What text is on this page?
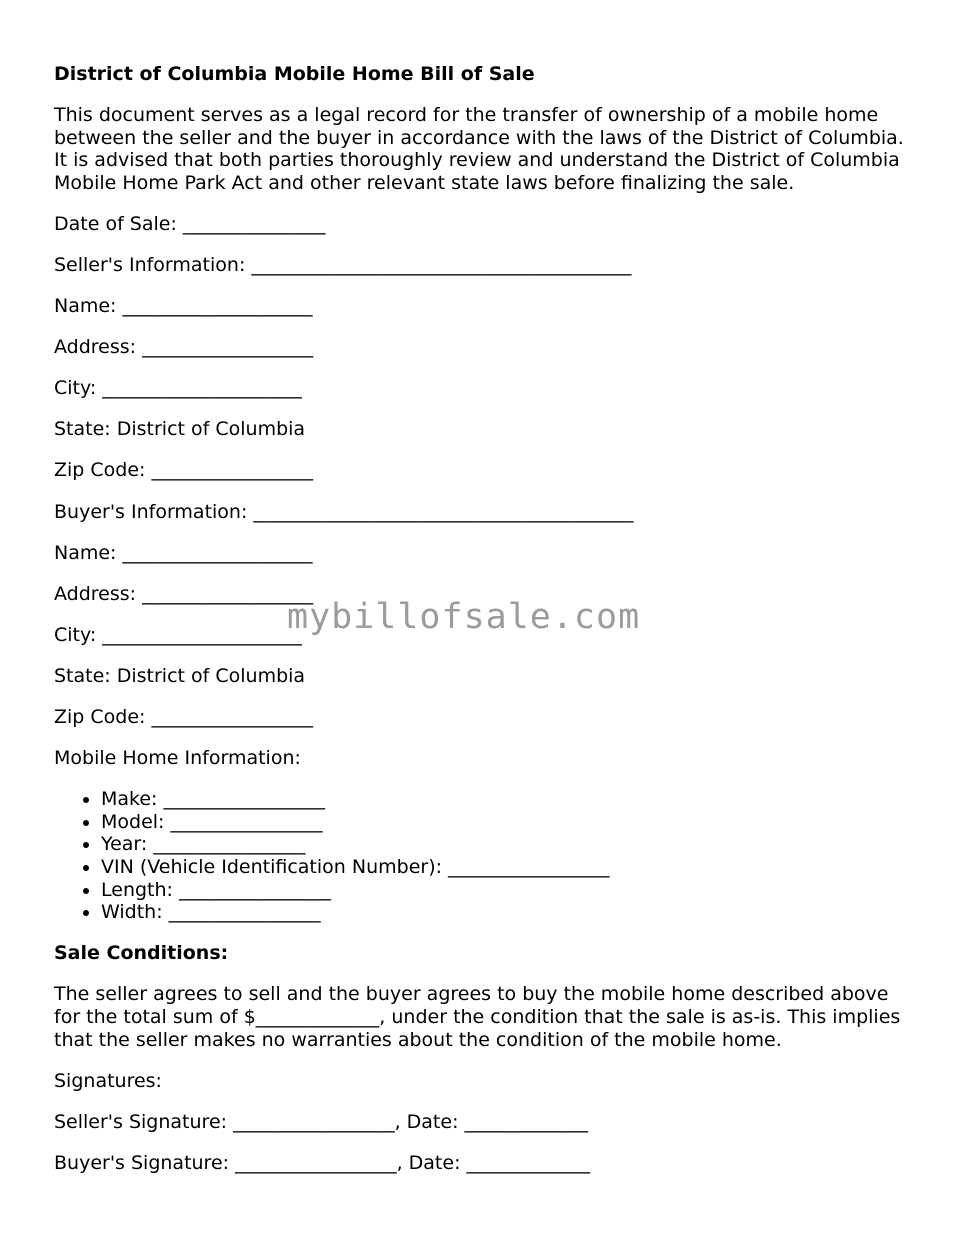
District of Columbia Mobile Home Bill of Sale

This document serves as a legal record for the transfer of ownership of a mobile home between the seller and the buyer in accordance with the laws of the District of Columbia. It is advised that both parties thoroughly review and understand the District of Columbia Mobile Home Park Act and other relevant state laws before finalizing the sale.

Date of Sale: _______________
Seller's Information: ________________________________________
Name: ____________________
Address: __________________
City: _____________________
State: District of Columbia
Zip Code: _________________
Buyer's Information: ________________________________________
Name: ____________________
Address: __________________
City: _____________________
State: District of Columbia
Zip Code: _________________
Mobile Home Information:
• Make: _________________
• Model: ________________
• Year: ________________
• VIN (Vehicle Identification Number): _________________
• Length: ________________
• Width: ________________
Sale Conditions:

The seller agrees to sell and the buyer agrees to buy the mobile home described above for the total sum of $_____________, under the condition that the sale is as-is. This implies that the seller makes no warranties about the condition of the mobile home.

Signatures:
Seller's Signature: _________________, Date: _____________
Buyer's Signature: _________________, Date: _____________
mybillofsale.com
